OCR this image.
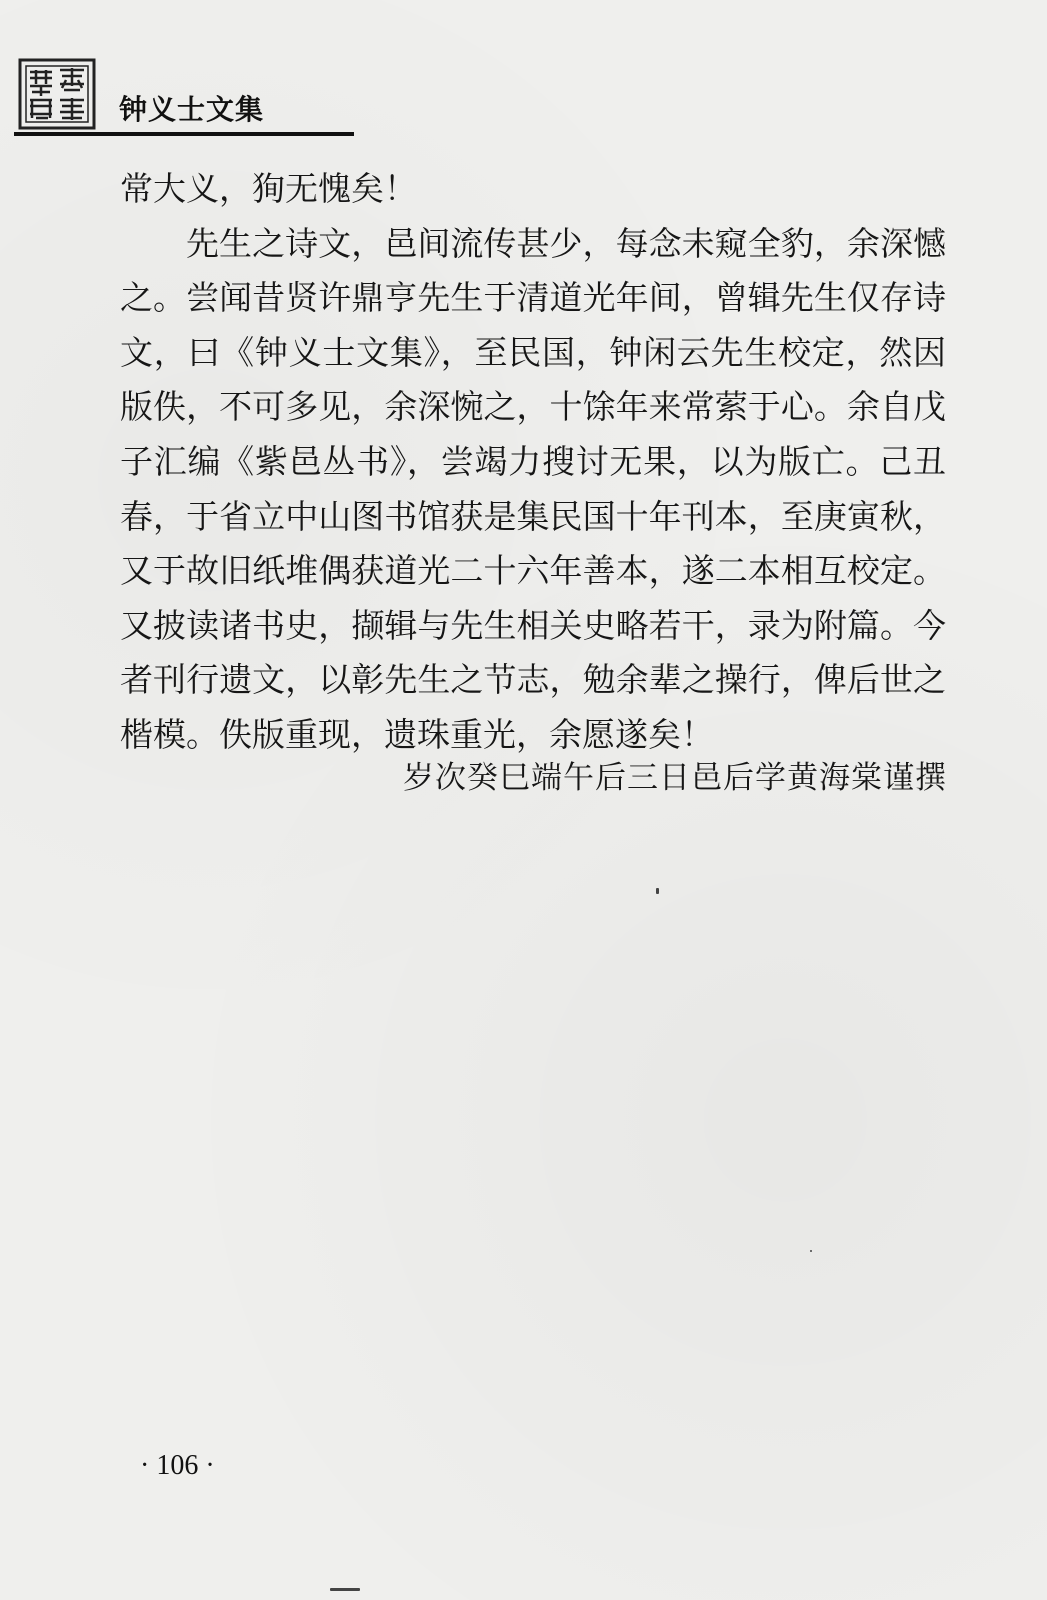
钟义士文集

常大义，狥无愧矣！

先生之诗文，邑间流传甚少，每念未窥全豹，余深憾之。尝闻昔贤许鼎亨先生于清道光年间，曾辑先生仅存诗文，曰《钟义士文集》，至民国，钟闲云先生校定，然因版佚，不可多见，余深惋之，十馀年来常萦于心。余自戊子汇编《紫邑丛书》，尝竭力搜讨无果，以为版亡。己丑春，于省立中山图书馆获是集民国十年刊本，至庚寅秋，又于故旧纸堆偶获道光二十六年善本，遂二本相互校定。又披读诸书史，撷辑与先生相关史略若干，录为附篇。今者刊行遗文，以彰先生之节志，勉余辈之操行，俾后世之楷模。佚版重现，遗珠重光，余愿遂矣！

岁次癸巳端午后三日邑后学黄海棠谨撰
· 106 ·
